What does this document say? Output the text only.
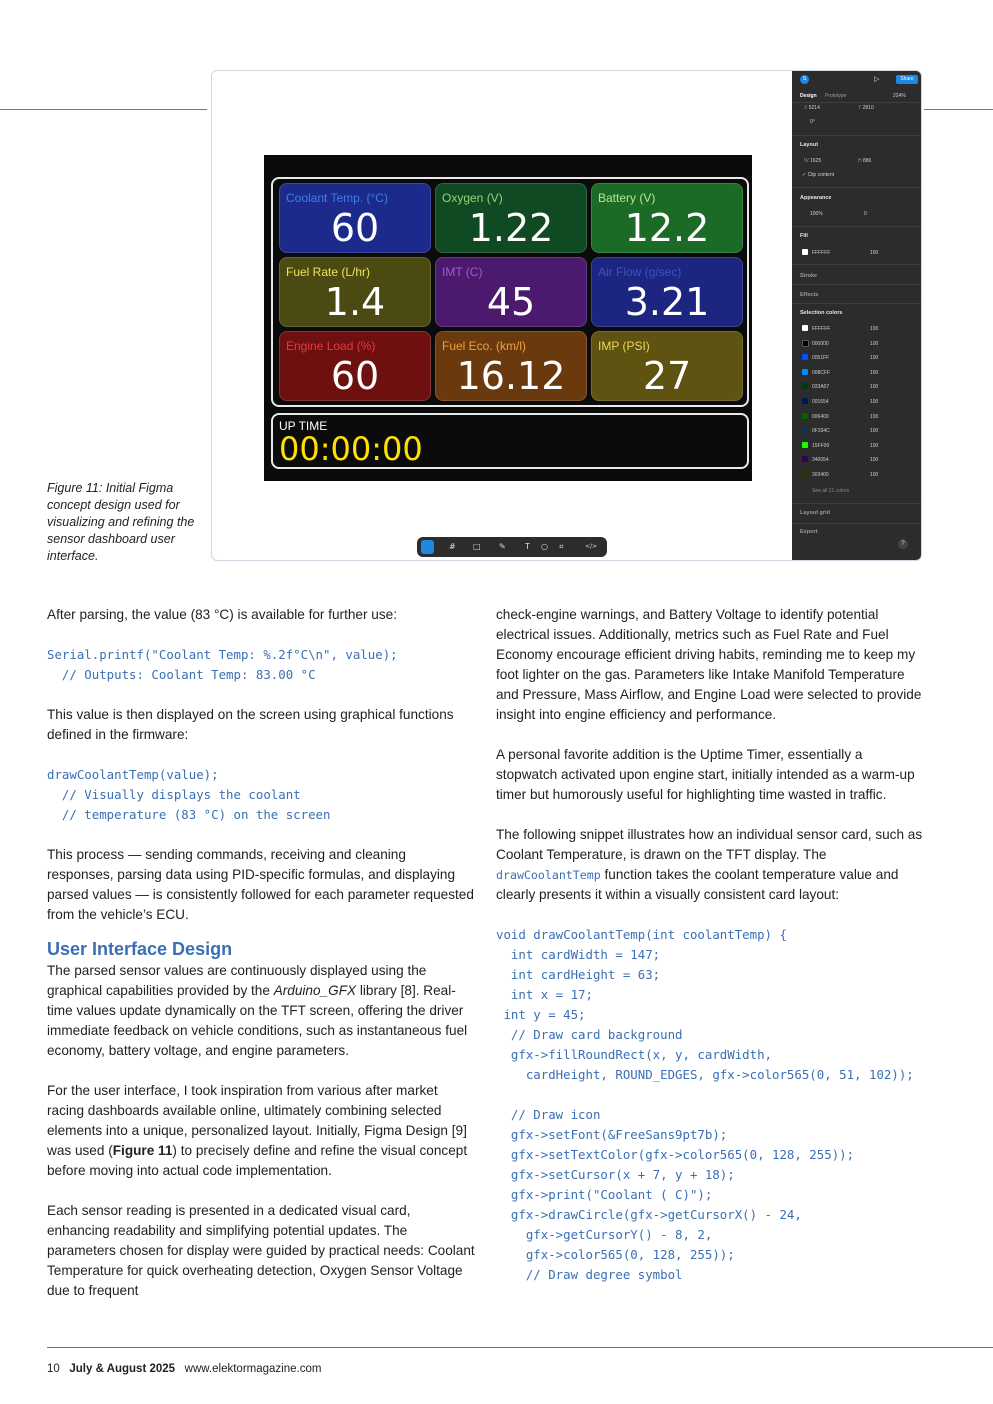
Coolant Temp. (°C)
60
Oxygen (V)
1.22
Battery (V)
12.2
Fuel Rate (L/hr)
1.4
IMT (C)
45
Air Flow (g/sec)
3.21
Engine Load (%)
60
Fuel Eco. (km/l)
16.12
IMP (PSI)
27
UP TIME
00:00:00
S	▷	Share
Design Prototype	224%
X 5214	Y 2810
0°
Layout
W 1625	H 886
✓ Clip content
Appearance
100%	0
Fill
FFFFFF	100
Stroke
Effects
Selection colors
FFFFFF	100
000000	100
0051FF	100
008CFF	100
033A07	100
001654	100
006400	100
0F334C	100
15FF00	100
340054	100
303400	100
See all 21 colors
Layout grid
Export
?
# □ ✎ T	○ ⌗	</>
Figure 11: Initial Figma concept design used for visualizing and refining the sensor dashboard user interface.

After parsing, the value (83 °C) is available for further use:

Serial.printf("Coolant Temp: %.2f°C\n", value);
// Outputs: Coolant Temp: 83.00 °C

This value is then displayed on the screen using graphical functions defined in the firmware:

drawCoolantTemp(value);
// Visually displays the coolant
// temperature (83 °C) on the screen

This process — sending commands, receiving and cleaning responses, parsing data using PID-specific formulas, and displaying parsed values — is consistently followed for each parameter requested from the vehicle’s ECU.

User Interface Design

The parsed sensor values are continuously displayed using the graphical capabilities provided by the Arduino_GFX library [8]. Real-time values update dynamically on the TFT screen, offering the driver immediate feedback on vehicle conditions, such as instantaneous fuel economy, battery voltage, and engine parameters.

For the user interface, I took inspiration from various after market racing dashboards available online, ultimately combining selected elements into a unique, personalized layout. Initially, Figma Design [9] was used (Figure 11) to precisely define and refine the visual concept before moving into actual code implementation.

Each sensor reading is presented in a dedicated visual card, enhancing readability and simplifying potential updates. The parameters chosen for display were guided by practical needs: Coolant Temperature for quick overheating detection, Oxygen Sensor Voltage due to frequent

check-engine warnings, and Battery Voltage to identify potential electrical issues. Additionally, metrics such as Fuel Rate and Fuel Economy encourage efficient driving habits, reminding me to keep my foot lighter on the gas. Parameters like Intake Manifold Temperature and Pressure, Mass Airflow, and Engine Load were selected to provide insight into engine efficiency and performance.

A personal favorite addition is the Uptime Timer, essentially a stopwatch activated upon engine start, initially intended as a warm-up timer but humorously useful for highlighting time wasted in traffic.

The following snippet illustrates how an individual sensor card, such as Coolant Temperature, is drawn on the TFT display. The drawCoolantTemp function takes the coolant temperature value and clearly presents it within a visually consistent card layout:

void drawCoolantTemp(int coolantTemp) {
int cardWidth = 147;
int cardHeight = 63;
int x = 17;
int y = 45;
// Draw card background
gfx->fillRoundRect(x, y, cardWidth,
cardHeight, ROUND_EDGES, gfx->color565(0, 51, 102));

// Draw icon
gfx->setFont(&FreeSans9pt7b);
gfx->setTextColor(gfx->color565(0, 128, 255));
gfx->setCursor(x + 7, y + 18);
gfx->print("Coolant ( C)");
gfx->drawCircle(gfx->getCursorX() - 24,
gfx->getCursorY() - 8, 2,
gfx->color565(0, 128, 255));
// Draw degree symbol
10 July & August 2025 www.elektormagazine.com
